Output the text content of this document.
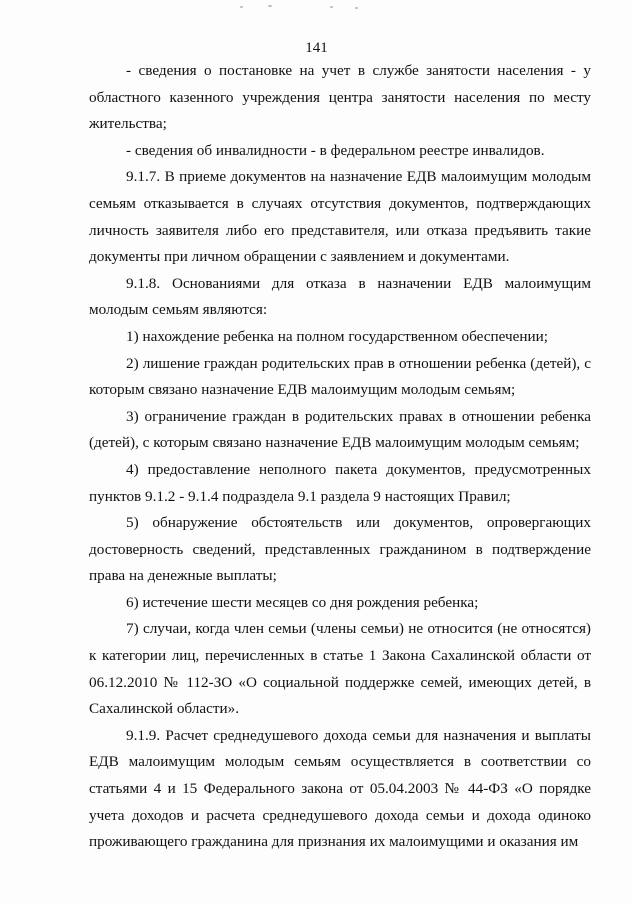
141

- сведения о постановке на учет в службе занятости населения - у областного казенного учреждения центра занятости населения по месту жительства;

- сведения об инвалидности - в федеральном реестре инвалидов.

9.1.7. В приеме документов на назначение ЕДВ малоимущим молодым семьям отказывается в случаях отсутствия документов, подтверждающих личность заявителя либо его представителя, или отказа предъявить такие документы при личном обращении с заявлением и документами.

9.1.8. Основаниями для отказа в назначении ЕДВ малоимущим молодым семьям являются:

1) нахождение ребенка на полном государственном обеспечении;

2) лишение граждан родительских прав в отношении ребенка (детей), с которым связано назначение ЕДВ малоимущим молодым семьям;

3) ограничение граждан в родительских правах в отношении ребенка (детей), с которым связано назначение ЕДВ малоимущим молодым семьям;

4) предоставление неполного пакета документов, предусмотренных пунктов 9.1.2 - 9.1.4 подраздела 9.1 раздела 9 настоящих Правил;

5) обнаружение обстоятельств или документов, опровергающих достоверность сведений, представленных гражданином в подтверждение права на денежные выплаты;

6) истечение шести месяцев со дня рождения ребенка;

7) случаи, когда член семьи (члены семьи) не относится (не относятся) к категории лиц, перечисленных в статье 1 Закона Сахалинской области от 06.12.2010 № 112-ЗО «О социальной поддержке семей, имеющих детей, в Сахалинской области».

9.1.9. Расчет среднедушевого дохода семьи для назначения и выплаты ЕДВ малоимущим молодым семьям осуществляется в соответствии со статьями 4 и 15 Федерального закона от 05.04.2003 № 44-ФЗ «О порядке учета доходов и расчета среднедушевого дохода семьи и дохода одиноко проживающего гражданина для признания их малоимущими и оказания им
